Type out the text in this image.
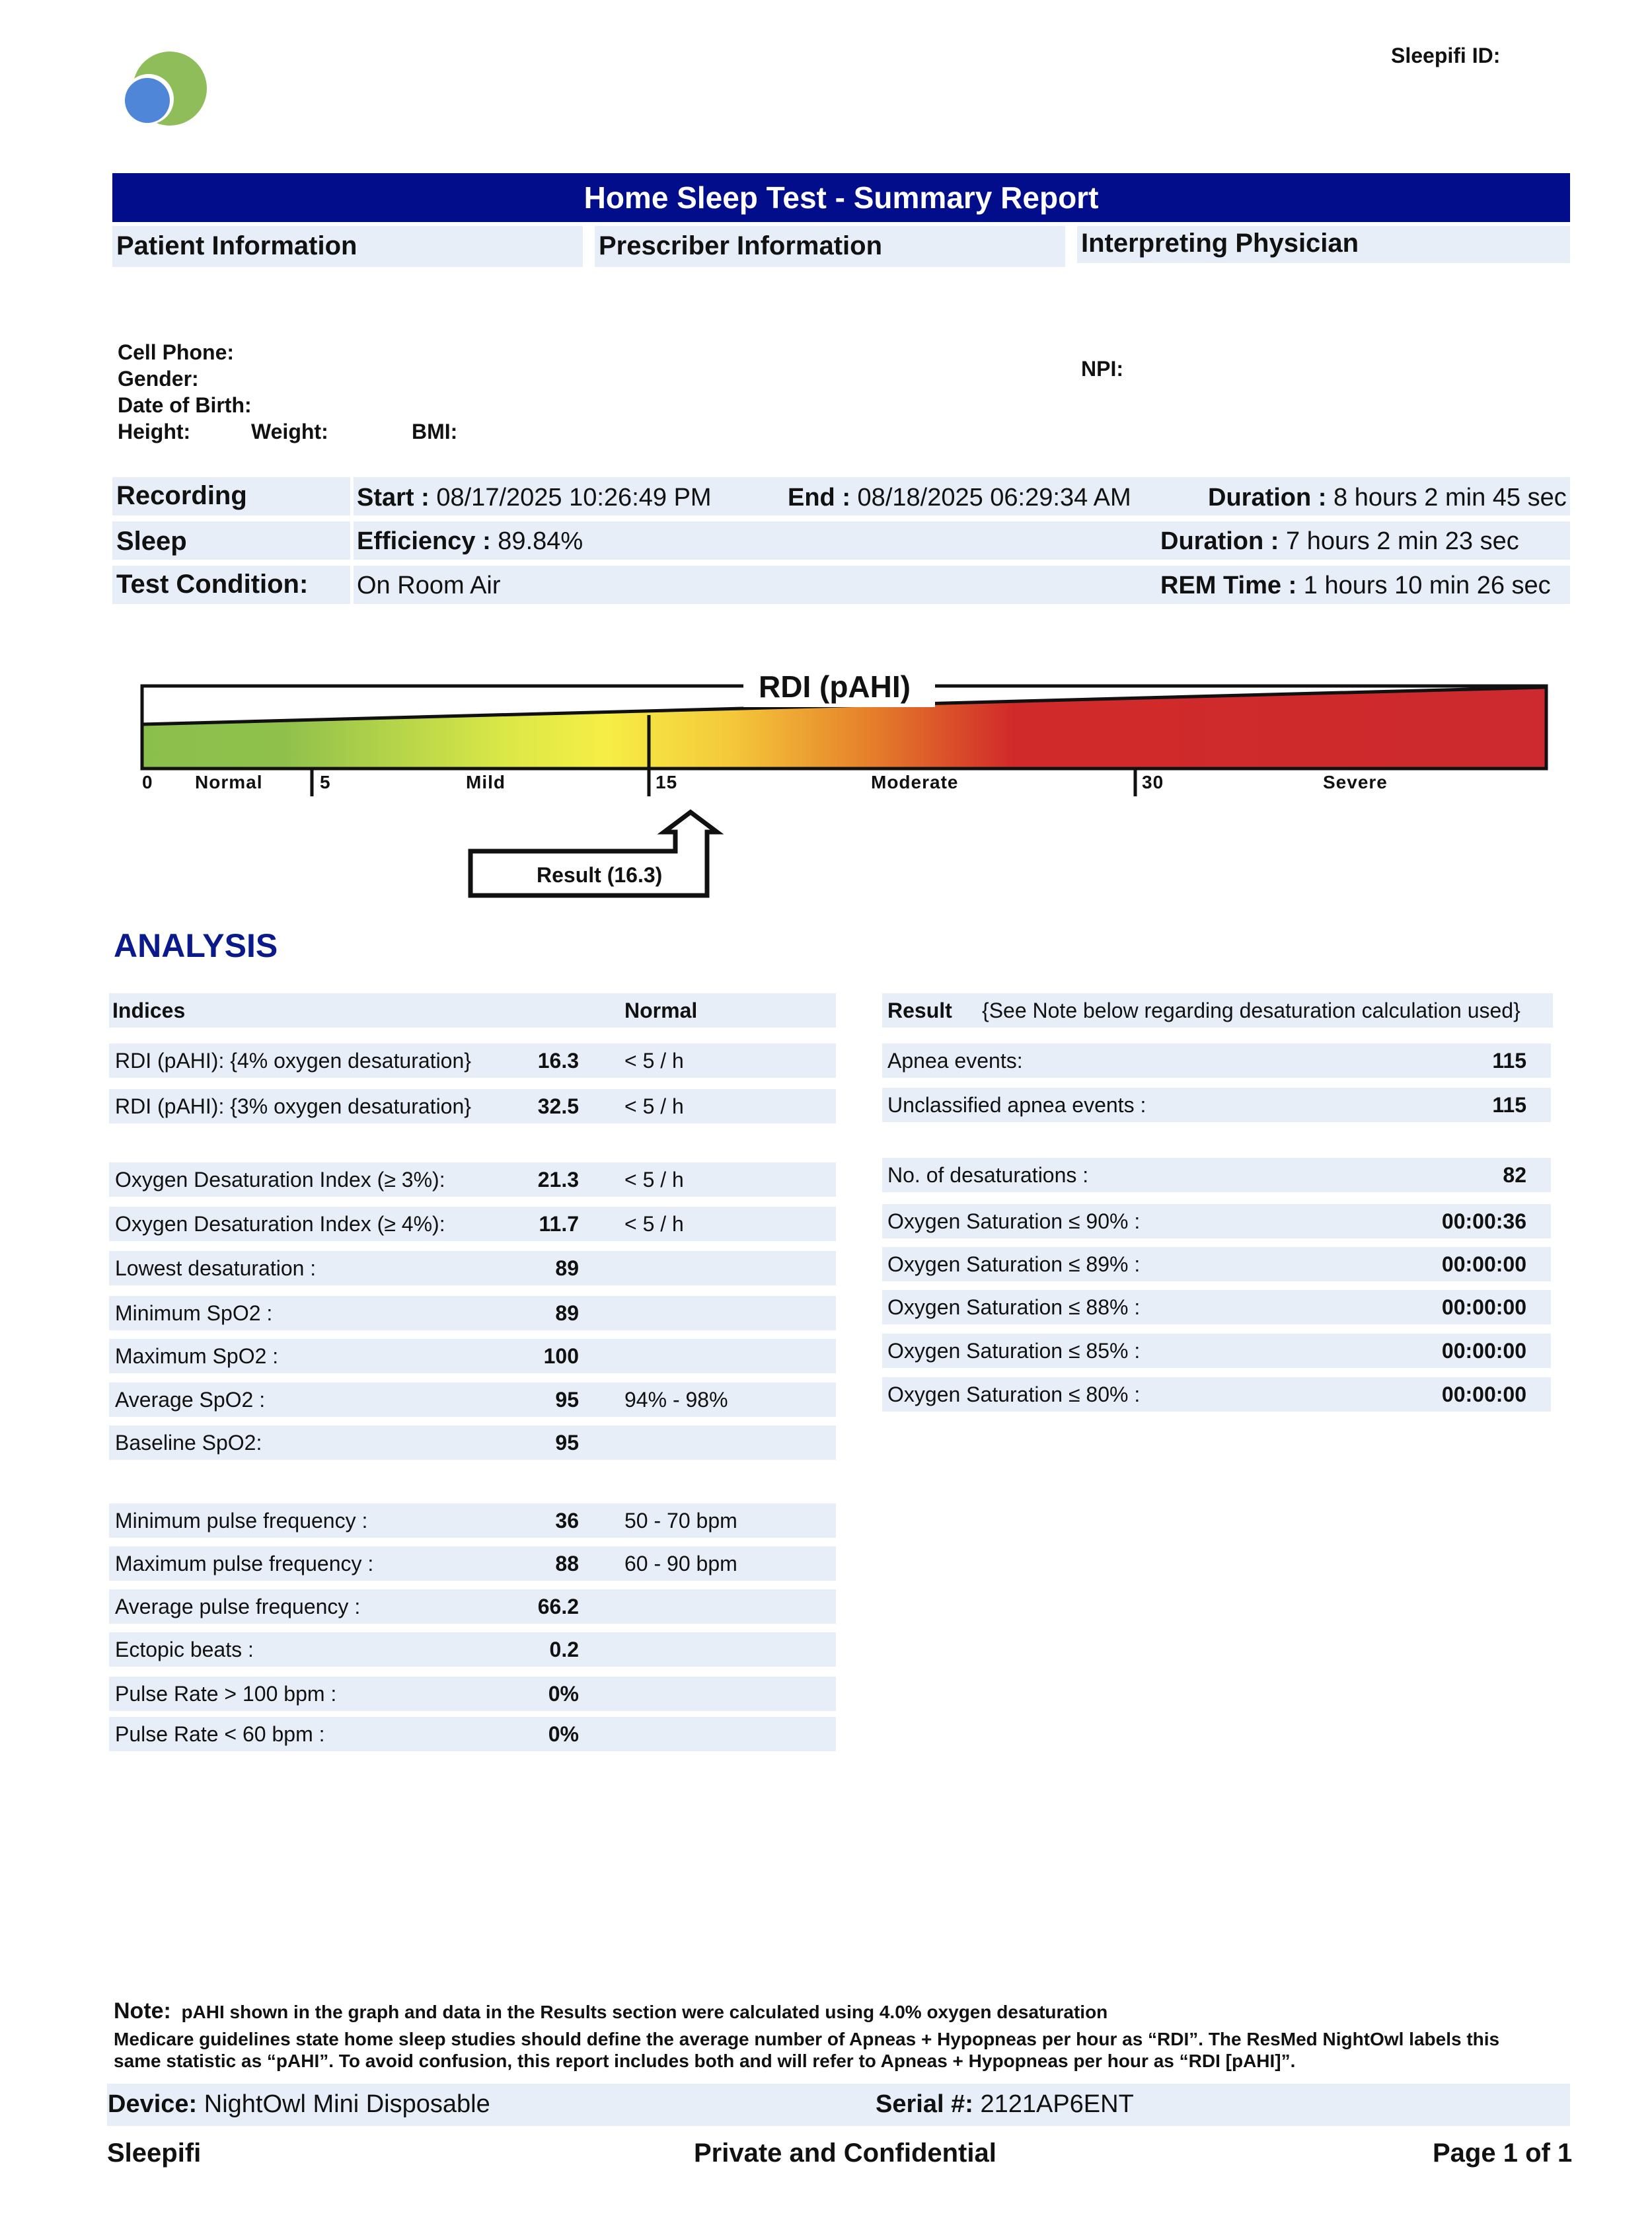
Sleepifi ID:
Home Sleep Test - Summary Report
Patient Information	Prescriber Information	Interpreting Physician
Cell Phone:
Gender:
Date of Birth:
Height:	Weight:	BMI:
NPI:
Recording	Start : 08/17/2025 10:26:49 PM	End : 08/18/2025 06:29:34 AM	Duration : 8 hours 2 min 45 sec
Sleep	Efficiency : 89.84%	Duration : 7 hours 2 min 23 sec
Test Condition: On Room Air	REM Time : 1 hours 10 min 26 sec
RDI (pAHI)
0 Normal	5	Mild	15	Moderate	30	Severe
Result (16.3)
ANALYSIS
Indices	Normal	Result {See Note below regarding desaturation calculation used}
RDI (pAHI): {4% oxygen desaturation}	16.3 < 5 / h
RDI (pAHI): {3% oxygen desaturation}	32.5 < 5 / h
Oxygen Desaturation Index (≥ 3%):	21.3 < 5 / h
Oxygen Desaturation Index (≥ 4%):	11.7 < 5 / h
Lowest desaturation :	89
Minimum SpO2 :	89
Maximum SpO2 :	100
Average SpO2 :	95 94% - 98%
Baseline SpO2:	95
Minimum pulse frequency :	36 50 - 70 bpm
Maximum pulse frequency :	88 60 - 90 bpm
Average pulse frequency :	66.2
Ectopic beats :	0.2
Pulse Rate > 100 bpm :	0%
Pulse Rate < 60 bpm :	0%
Apnea events:	115
Unclassified apnea events :	115
No. of desaturations :	82
Oxygen Saturation ≤ 90% :	00:00:36
Oxygen Saturation ≤ 89% :	00:00:00
Oxygen Saturation ≤ 88% :	00:00:00
Oxygen Saturation ≤ 85% :	00:00:00
Oxygen Saturation ≤ 80% :	00:00:00
Note: pAHI shown in the graph and data in the Results section were calculated using 4.0% oxygen desaturation
Medicare guidelines state home sleep studies should define the average number of Apneas + Hypopneas per hour as “RDI”. The ResMed NightOwl labels this
same statistic as “pAHI”. To avoid confusion, this report includes both and will refer to Apneas + Hypopneas per hour as “RDI [pAHI]”.
Device: NightOwl Mini Disposable	Serial #: 2121AP6ENT
Sleepifi	Private and Confidential	Page 1 of 1
